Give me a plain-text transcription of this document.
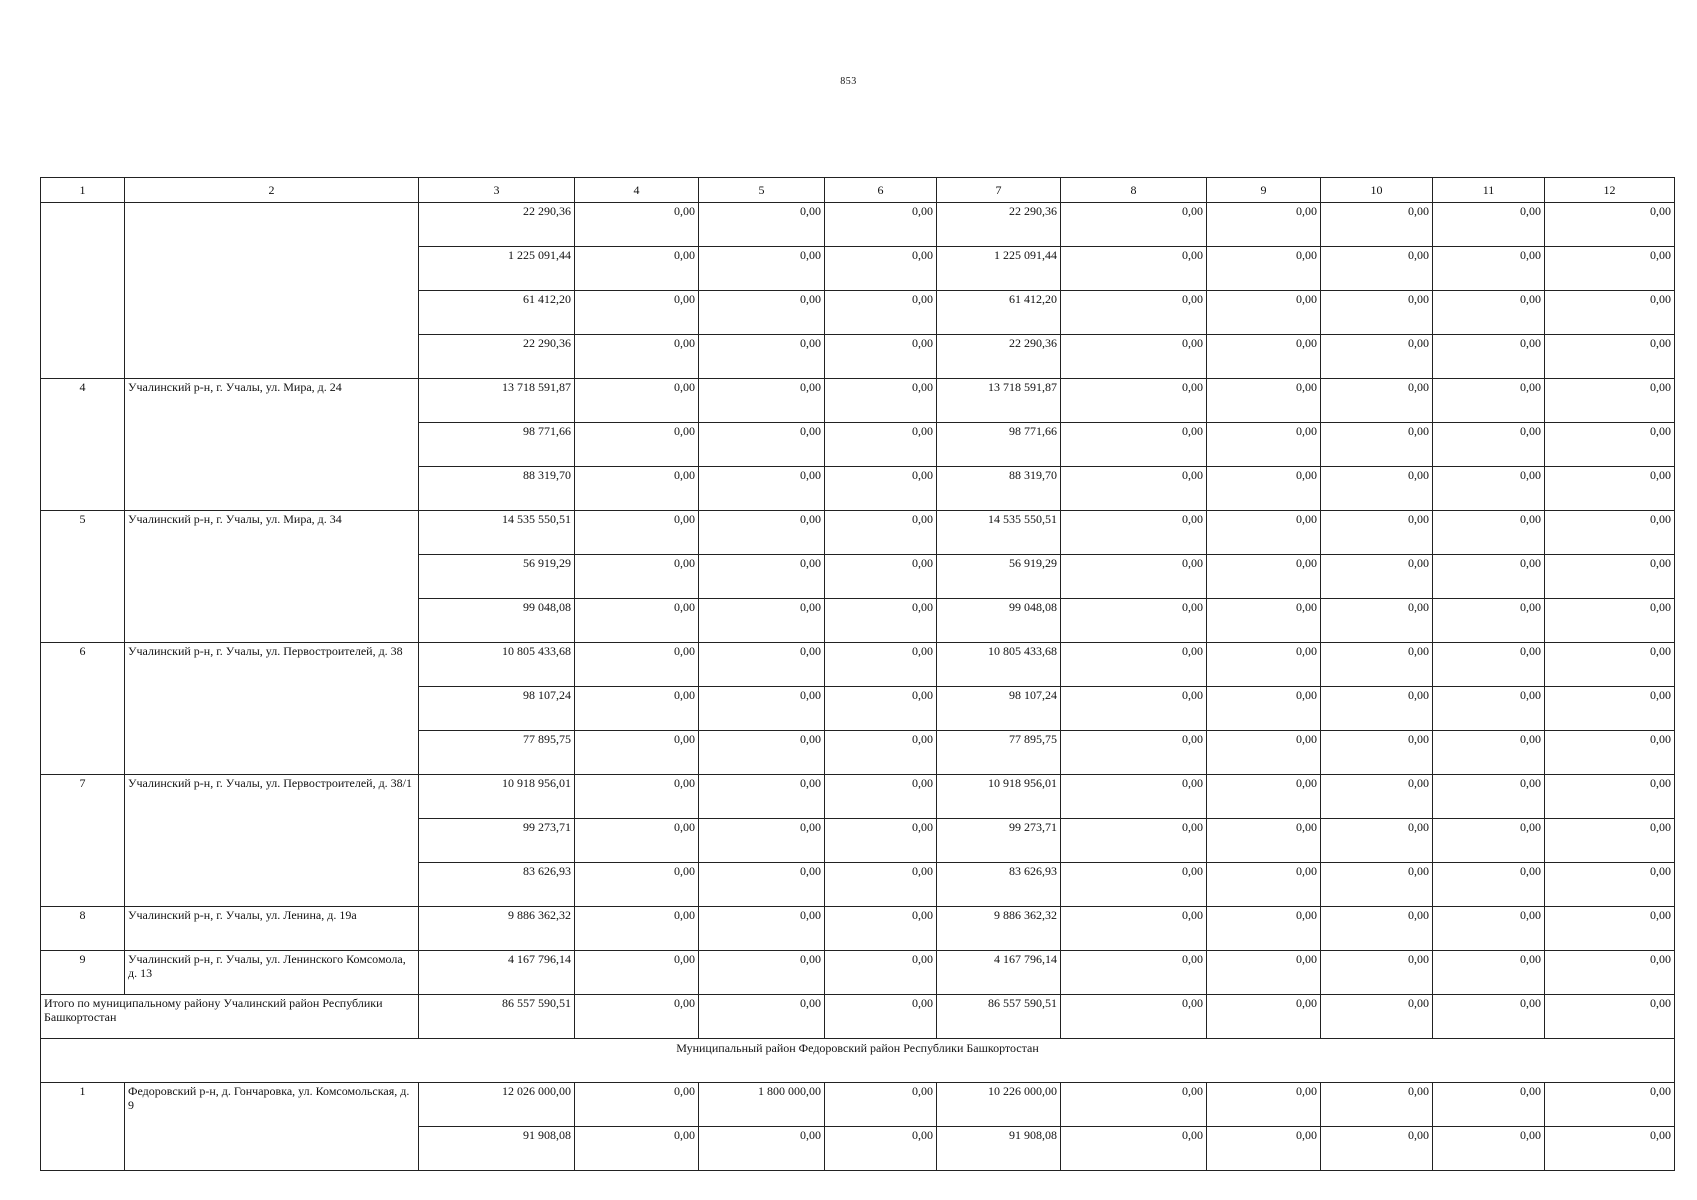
853
1	2	3	4	5	6	7	8	9	10	11	12
		22 290,36	0,00	0,00	0,00	22 290,36	0,00	0,00	0,00	0,00	0,00
		1 225 091,44	0,00	0,00	0,00	1 225 091,44	0,00	0,00	0,00	0,00	0,00
		61 412,20	0,00	0,00	0,00	61 412,20	0,00	0,00	0,00	0,00	0,00
		22 290,36	0,00	0,00	0,00	22 290,36	0,00	0,00	0,00	0,00	0,00
4	Учалинский р-н, г. Учалы, ул. Мира, д. 24	13 718 591,87	0,00	0,00	0,00	13 718 591,87	0,00	0,00	0,00	0,00	0,00
		98 771,66	0,00	0,00	0,00	98 771,66	0,00	0,00	0,00	0,00	0,00
		88 319,70	0,00	0,00	0,00	88 319,70	0,00	0,00	0,00	0,00	0,00
5	Учалинский р-н, г. Учалы, ул. Мира, д. 34	14 535 550,51	0,00	0,00	0,00	14 535 550,51	0,00	0,00	0,00	0,00	0,00
		56 919,29	0,00	0,00	0,00	56 919,29	0,00	0,00	0,00	0,00	0,00
		99 048,08	0,00	0,00	0,00	99 048,08	0,00	0,00	0,00	0,00	0,00
6	Учалинский р-н, г. Учалы, ул. Первостроителей, д. 38	10 805 433,68	0,00	0,00	0,00	10 805 433,68	0,00	0,00	0,00	0,00	0,00
		98 107,24	0,00	0,00	0,00	98 107,24	0,00	0,00	0,00	0,00	0,00
		77 895,75	0,00	0,00	0,00	77 895,75	0,00	0,00	0,00	0,00	0,00
7	Учалинский р-н, г. Учалы, ул. Первостроителей, д. 38/1	10 918 956,01	0,00	0,00	0,00	10 918 956,01	0,00	0,00	0,00	0,00	0,00
		99 273,71	0,00	0,00	0,00	99 273,71	0,00	0,00	0,00	0,00	0,00
		83 626,93	0,00	0,00	0,00	83 626,93	0,00	0,00	0,00	0,00	0,00
8	Учалинский р-н, г. Учалы, ул. Ленина, д. 19а	9 886 362,32	0,00	0,00	0,00	9 886 362,32	0,00	0,00	0,00	0,00	0,00
9	Учалинский р-н, г. Учалы, ул. Ленинского Комсомола, д. 13	4 167 796,14	0,00	0,00	0,00	4 167 796,14	0,00	0,00	0,00	0,00	0,00
Итого по муниципальному району Учалинский район Республики Башкортостан		86 557 590,51	0,00	0,00	0,00	86 557 590,51	0,00	0,00	0,00	0,00	0,00
Муниципальный район Федоровский район Республики Башкортостан											
1	Федоровский р-н, д. Гончаровка, ул. Комсомольская, д. 9	12 026 000,00	0,00	1 800 000,00	0,00	10 226 000,00	0,00	0,00	0,00	0,00	0,00
		91 908,08	0,00	0,00	0,00	91 908,08	0,00	0,00	0,00	0,00	0,00
